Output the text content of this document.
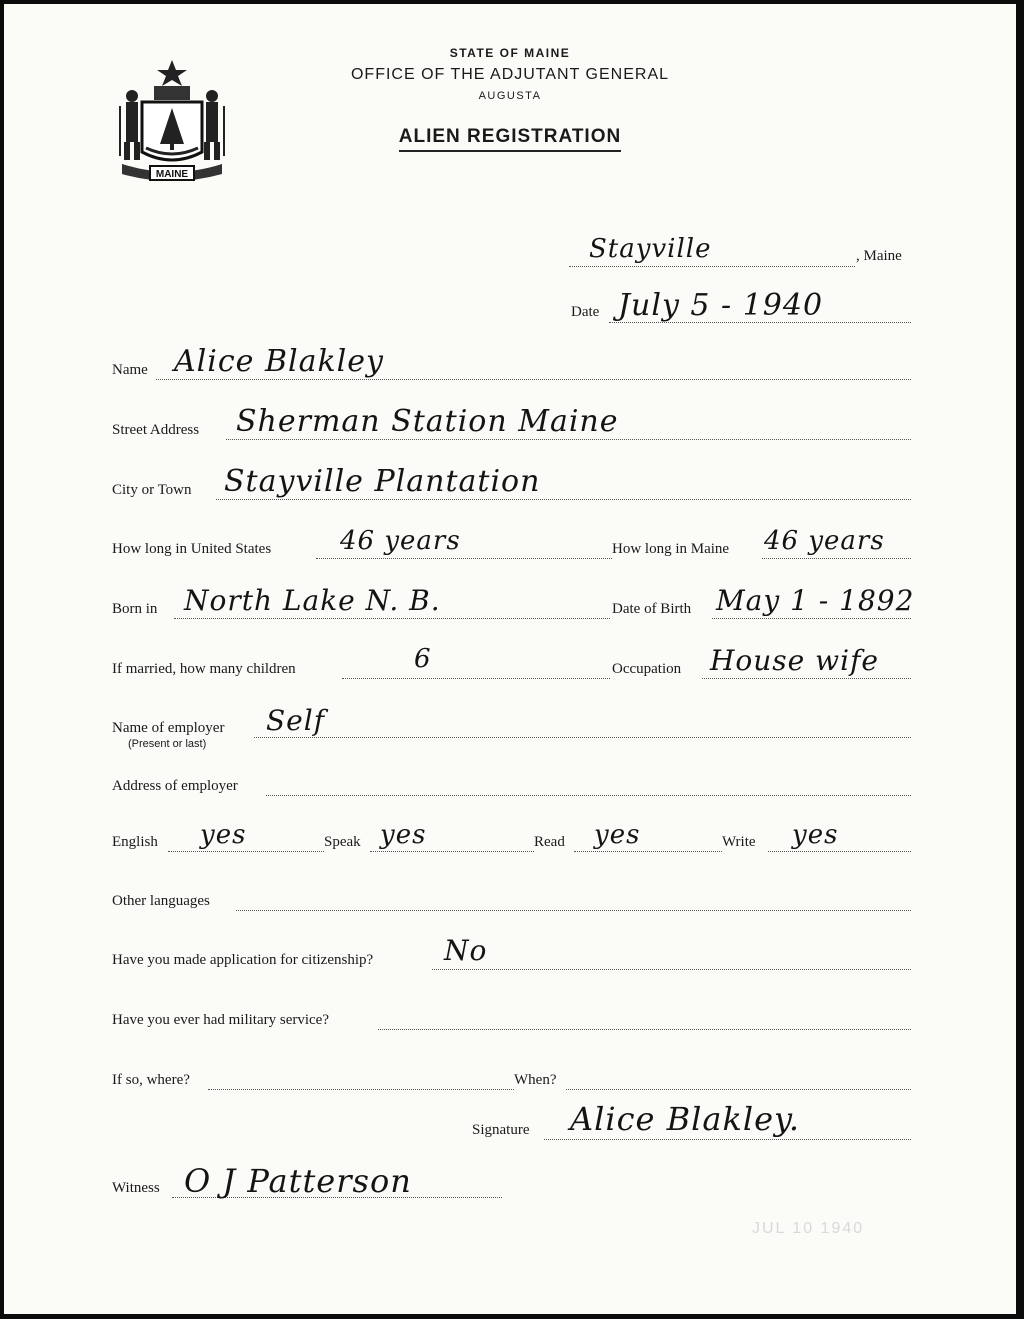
MAINE
STATE OF MAINE
OFFICE OF THE ADJUTANT GENERAL
AUGUSTA
ALIEN REGISTRATION
, Maine
Stayville
Date July 5 - 1940
Name Alice Blakley
Street Address Sherman Station Maine
City or Town Stayville Plantation
How long in United States	46 years	How long in Maine 46 years
Born in North Lake N. B.	Date of Birth May 1 - 1892
If married, how many children	6	Occupation House wife
Name of employer
(Present or last)
Self
Address of employer
English yes	Speak yes	Read yes	Write yes
Other languages
Have you made application for citizenship?	No
Have you ever had military service?
If so, where?	When?
Signature Alice Blakley.
Witness O J Patterson
JUL 10 1940
